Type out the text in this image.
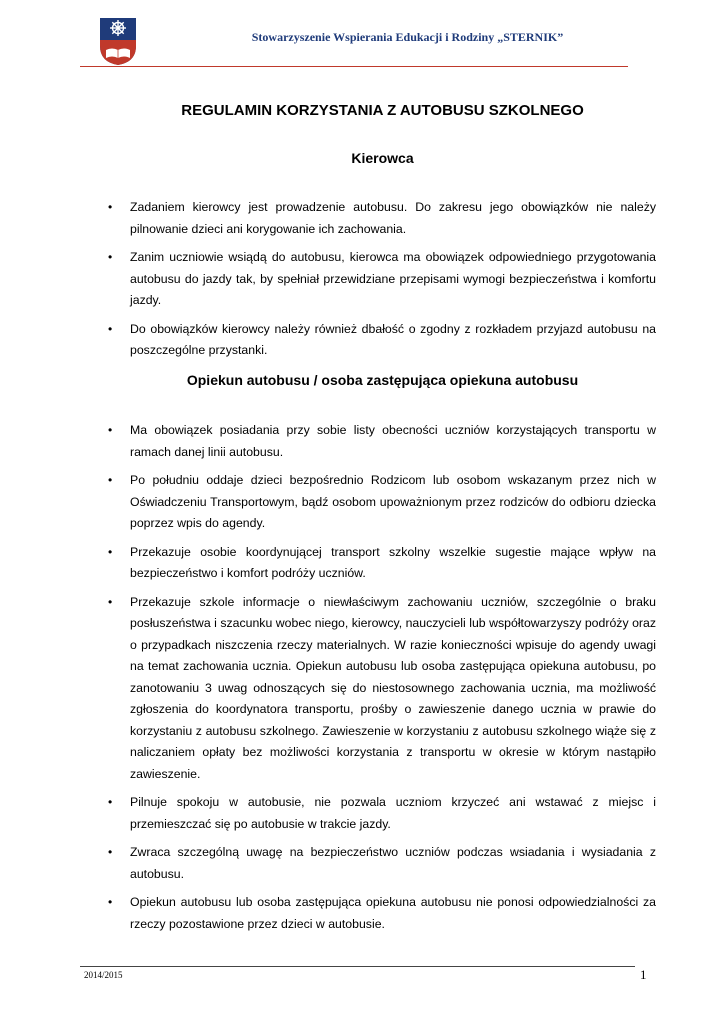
Stowarzyszenie Wspierania Edukacji i Rodziny „STERNIK”
REGULAMIN KORZYSTANIA Z AUTOBUSU SZKOLNEGO
Kierowca
• Zadaniem kierowcy jest prowadzenie autobusu. Do zakresu jego obowiązków nie należy pilnowanie dzieci ani korygowanie ich zachowania.
• Zanim uczniowie wsiądą do autobusu, kierowca ma obowiązek odpowiedniego przygotowania autobusu do jazdy tak, by spełniał przewidziane przepisami wymogi bezpieczeństwa i komfortu jazdy.
• Do obowiązków kierowcy należy również dbałość o zgodny z rozkładem przyjazd autobusu na poszczególne przystanki.
Opiekun autobusu / osoba zastępująca opiekuna autobusu
• Ma obowiązek posiadania przy sobie listy obecności uczniów korzystających transportu w ramach danej linii autobusu.
• Po południu oddaje dzieci bezpośrednio Rodzicom lub osobom wskazanym przez nich w Oświadczeniu Transportowym, bądź osobom upoważnionym przez rodziców do odbioru dziecka poprzez wpis do agendy.
• Przekazuje osobie koordynującej transport szkolny wszelkie sugestie mające wpływ na bezpieczeństwo i komfort podróży uczniów.
• Przekazuje szkole informacje o niewłaściwym zachowaniu uczniów, szczególnie o braku posłuszeństwa i szacunku wobec niego, kierowcy, nauczycieli lub współtowarzyszy podróży oraz o przypadkach niszczenia rzeczy materialnych. W razie konieczności wpisuje do agendy uwagi na temat zachowania ucznia. Opiekun autobusu lub osoba zastępująca opiekuna autobusu, po zanotowaniu 3 uwag odnoszących się do niestosownego zachowania ucznia, ma możliwość zgłoszenia do koordynatora transportu, prośby o zawieszenie danego ucznia w prawie do korzystaniu z autobusu szkolnego. Zawieszenie w korzystaniu z autobusu szkolnego wiąże się z naliczaniem opłaty bez możliwości korzystania z transportu w okresie w którym nastąpiło zawieszenie.
• Pilnuje spokoju w autobusie, nie pozwala uczniom krzyczeć ani wstawać z miejsc i przemieszczać się po autobusie w trakcie jazdy.
• Zwraca szczególną uwagę na bezpieczeństwo uczniów podczas wsiadania i wysiadania z autobusu.
• Opiekun autobusu lub osoba zastępująca opiekuna autobusu nie ponosi odpowiedzialności za rzeczy pozostawione przez dzieci w autobusie.
2014/2015	1
